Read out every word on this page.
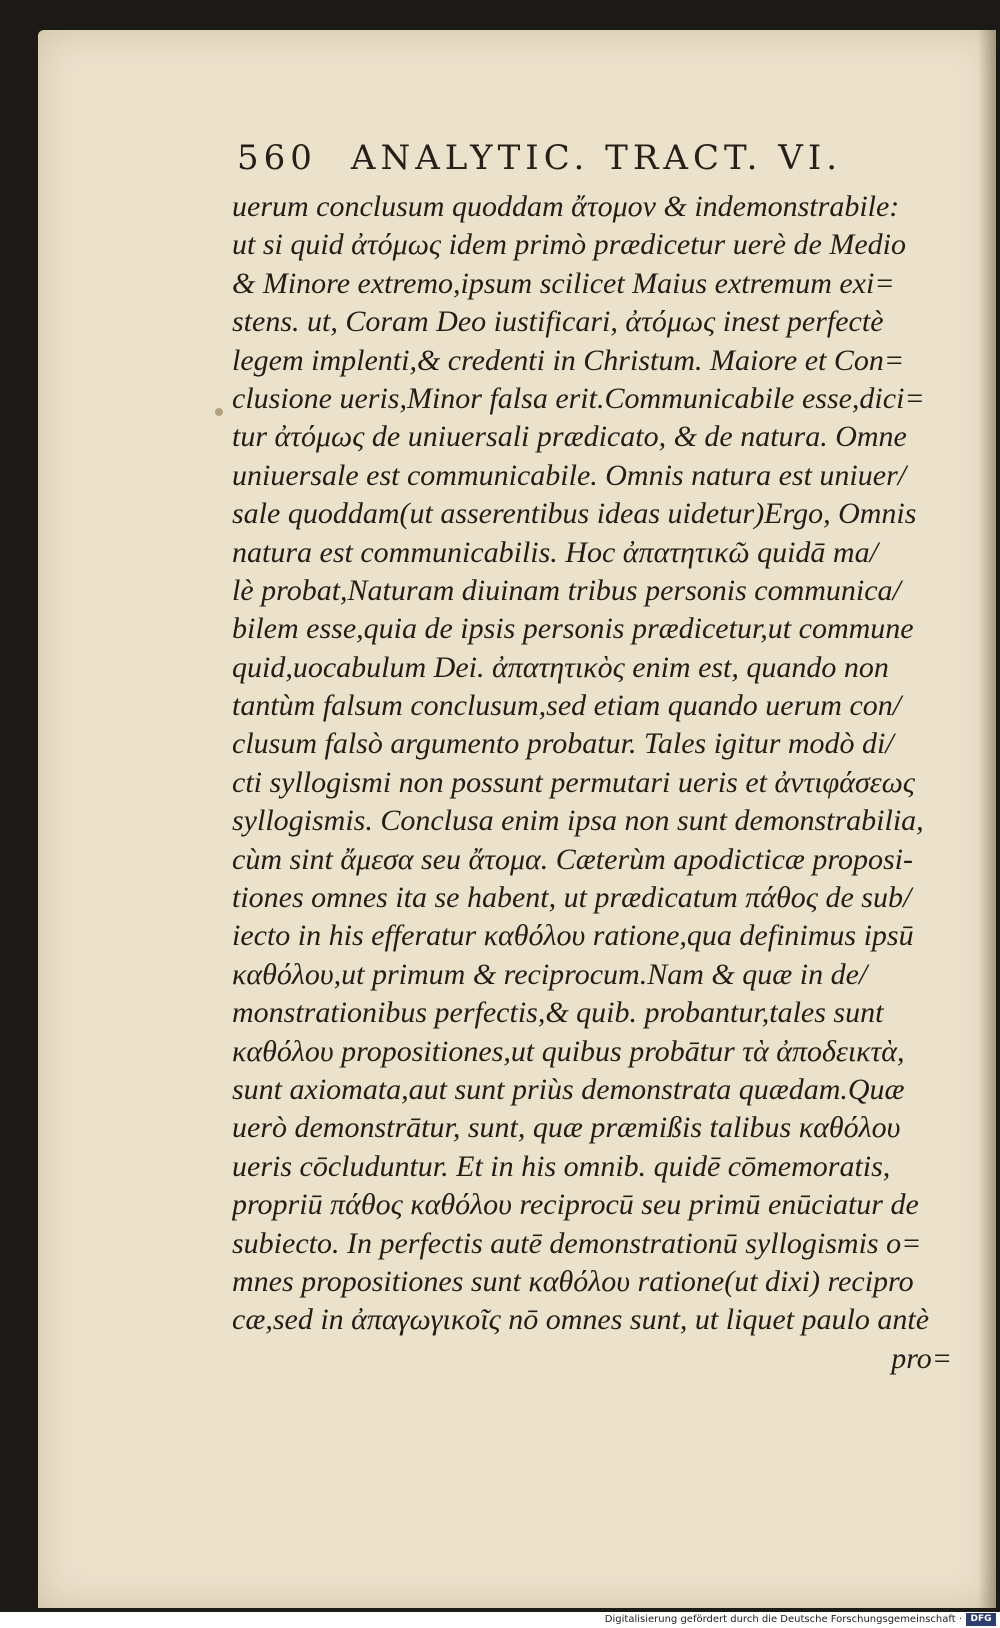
560 ANALYTIC. TRACT. VI.
uerum conclusum quoddam ἄτομον & indemonstrabile:
ut si quid ἀτόμως idem primò prædicetur uerè de Medio
& Minore extremo,ipsum scilicet Maius extremum exi=
stens. ut, Coram Deo iustificari, ἀτόμως inest perfectè
legem implenti,& credenti in Christum. Maiore et Con=
clusione ueris,Minor falsa erit.Communicabile esse,dici=
tur ἀτόμως de uniuersali prædicato, & de natura. Omne
uniuersale est communicabile. Omnis natura est uniuer/
sale quoddam(ut asserentibus ideas uidetur)Ergo, Omnis
natura est communicabilis. Hoc ἀπατητικῶ quidā ma/
lè probat,Naturam diuinam tribus personis communica/
bilem esse,quia de ipsis personis prædicetur,ut commune
quid,uocabulum Dei. ἀπατητικὸς enim est, quando non
tantùm falsum conclusum,sed etiam quando uerum con/
clusum falsò argumento probatur. Tales igitur modò di/
cti syllogismi non possunt permutari ueris et ἀντιφάσεως
syllogismis. Conclusa enim ipsa non sunt demonstrabilia,
cùm sint ἄμεσα seu ἄτομα. Cæterùm apodicticæ proposi-
tiones omnes ita se habent, ut prædicatum πάθος de sub/
iecto in his efferatur καθόλου ratione,qua definimus ipsū
καθόλου,ut primum & reciprocum.Nam & quæ in de/
monstrationibus perfectis,& quib. probantur,tales sunt
καθόλου propositiones,ut quibus probātur τὰ ἀποδεικτὰ,
sunt axiomata,aut sunt priùs demonstrata quædam.Quæ
uerò demonstrātur, sunt, quæ præmißis talibus καθόλου
ueris cōcluduntur. Et in his omnib. quidē cōmemoratis,
propriū πάθος καθόλου reciprocū seu primū enūciatur de
subiecto. In perfectis autē demonstrationū syllogismis o=
mnes propositiones sunt καθόλου ratione(ut dixi) recipro
cæ,sed in ἀπαγωγικοῖς nō omnes sunt, ut liquet paulo antè
pro=
Digitalisierung gefördert durch die Deutsche Forschungsgemeinschaft · DFG
